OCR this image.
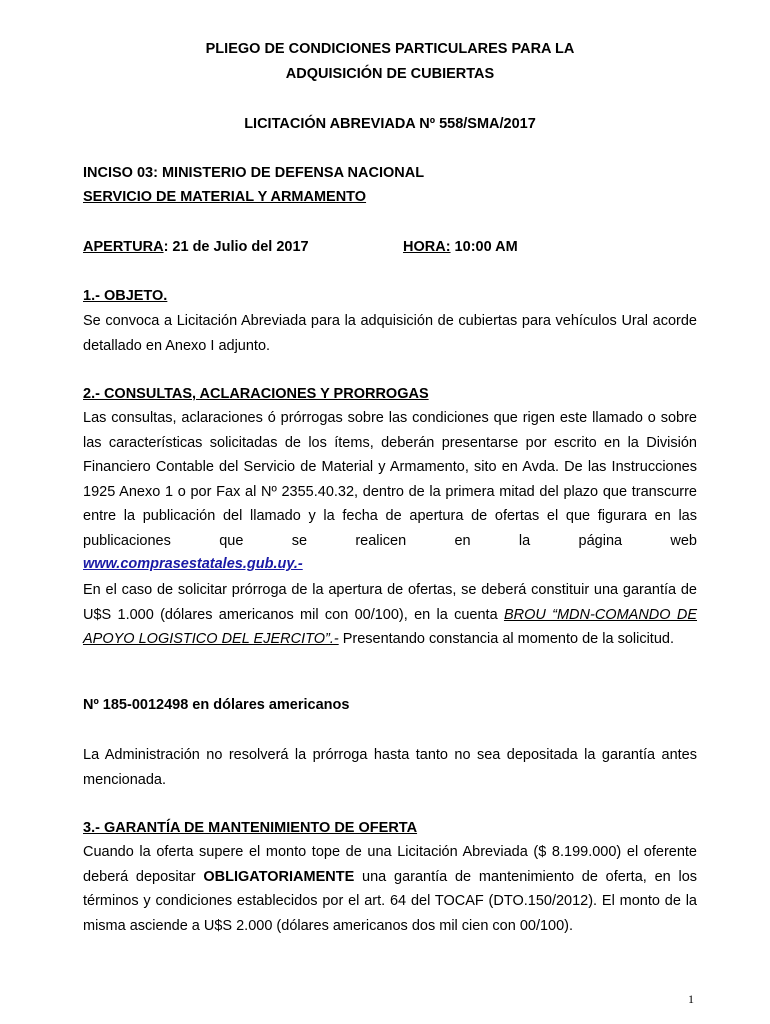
PLIEGO DE CONDICIONES PARTICULARES PARA LA
ADQUISICIÓN DE CUBIERTAS
LICITACIÓN ABREVIADA Nº 558/SMA/2017
INCISO 03: MINISTERIO DE DEFENSA NACIONAL
SERVICIO DE MATERIAL Y ARMAMENTO
APERTURA: 21 de Julio del 2017	HORA: 10:00 AM
1.- OBJETO.

Se convoca a Licitación Abreviada para la adquisición de cubiertas para vehículos Ural acorde detallado en Anexo I adjunto.

2.- CONSULTAS, ACLARACIONES Y PRORROGAS

Las consultas, aclaraciones ó prórrogas sobre las condiciones que rigen este llamado o sobre las características solicitadas de los ítems, deberán presentarse por escrito en la División Financiero Contable del Servicio de Material y Armamento, sito en Avda. De las Instrucciones 1925 Anexo 1 o por Fax al Nº 2355.40.32, dentro de la primera mitad del plazo que transcurre entre la publicación del llamado y la fecha de apertura de ofertas el que figurara en las publicaciones que se realicen en la página web

www.comprasestatales.gub.uy.-

En el caso de solicitar prórroga de la apertura de ofertas, se deberá constituir una garantía de U$S 1.000 (dólares americanos mil con 00/100), en la cuenta BROU “MDN-COMANDO DE APOYO LOGISTICO DEL EJERCITO”.- Presentando constancia al momento de la solicitud.

Nº 185-0012498 en dólares americanos

La Administración no resolverá la prórroga hasta tanto no sea depositada la garantía antes mencionada.

3.- GARANTÍA DE MANTENIMIENTO DE OFERTA

Cuando la oferta supere el monto tope de una Licitación Abreviada ($ 8.199.000) el oferente deberá depositar OBLIGATORIAMENTE una garantía de mantenimiento de oferta, en los términos y condiciones establecidos por el art. 64 del TOCAF (DTO.150/2012). El monto de la misma asciende a U$S 2.000 (dólares americanos dos mil cien con 00/100).

1
